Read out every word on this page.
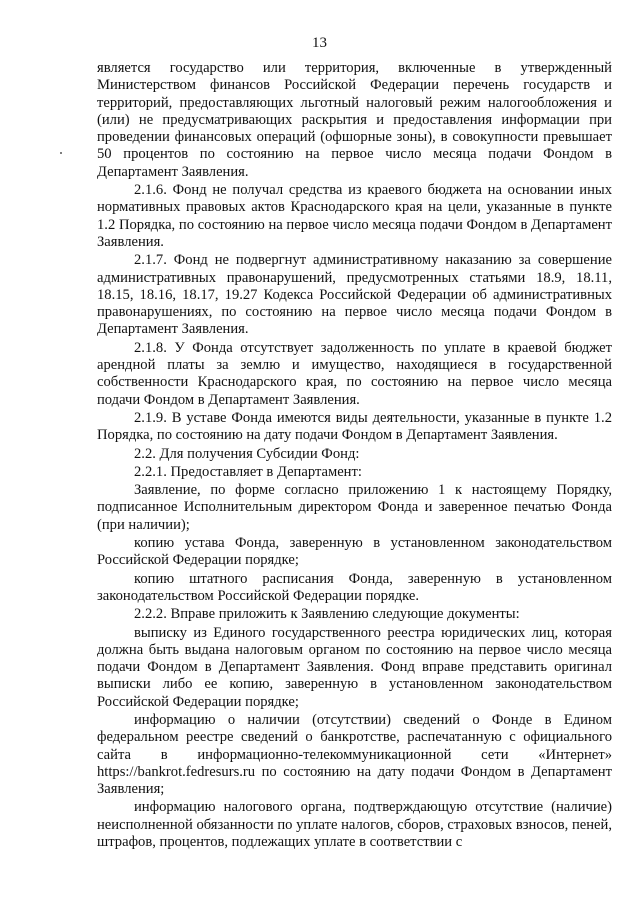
13

является государство или территория, включенные в утвержденный Министерством финансов Российской Федерации перечень государств и территорий, предоставляющих льготный налоговый режим налогообложения и (или) не предусматривающих раскрытия и предоставления информации при проведении финансовых операций (офшорные зоны), в совокупности превышает 50 процентов по состоянию на первое число месяца подачи Фондом в Департамент Заявления.

2.1.6. Фонд не получал средства из краевого бюджета на основании иных нормативных правовых актов Краснодарского края на цели, указанные в пункте 1.2 Порядка, по состоянию на первое число месяца подачи Фондом в Департамент Заявления.

2.1.7. Фонд не подвергнут административному наказанию за совершение административных правонарушений, предусмотренных статьями 18.9, 18.11, 18.15, 18.16, 18.17, 19.27 Кодекса Российской Федерации об административных правонарушениях, по состоянию на первое число месяца подачи Фондом в Департамент Заявления.

2.1.8. У Фонда отсутствует задолженность по уплате в краевой бюджет арендной платы за землю и имущество, находящиеся в государственной собственности Краснодарского края, по состоянию на первое число месяца подачи Фондом в Департамент Заявления.

2.1.9. В уставе Фонда имеются виды деятельности, указанные в пункте 1.2 Порядка, по состоянию на дату подачи Фондом в Департамент Заявления.

2.2. Для получения Субсидии Фонд:

2.2.1. Предоставляет в Департамент:

Заявление, по форме согласно приложению 1 к настоящему Порядку, подписанное Исполнительным директором Фонда и заверенное печатью Фонда (при наличии);

копию устава Фонда, заверенную в установленном законодательством Российской Федерации порядке;

копию штатного расписания Фонда, заверенную в установленном законодательством Российской Федерации порядке.

2.2.2. Вправе приложить к Заявлению следующие документы:

выписку из Единого государственного реестра юридических лиц, которая должна быть выдана налоговым органом по состоянию на первое число месяца подачи Фондом в Департамент Заявления. Фонд вправе представить оригинал выписки либо ее копию, заверенную в установленном законодательством Российской Федерации порядке;

информацию о наличии (отсутствии) сведений о Фонде в Едином федеральном реестре сведений о банкротстве, распечатанную с официального сайта в информационно-телекоммуникационной сети «Интернет» https://bankrot.fedresurs.ru по состоянию на дату подачи Фондом в Департамент Заявления;

информацию налогового органа, подтверждающую отсутствие (наличие) неисполненной обязанности по уплате налогов, сборов, страховых взносов, пеней, штрафов, процентов, подлежащих уплате в соответствии с
